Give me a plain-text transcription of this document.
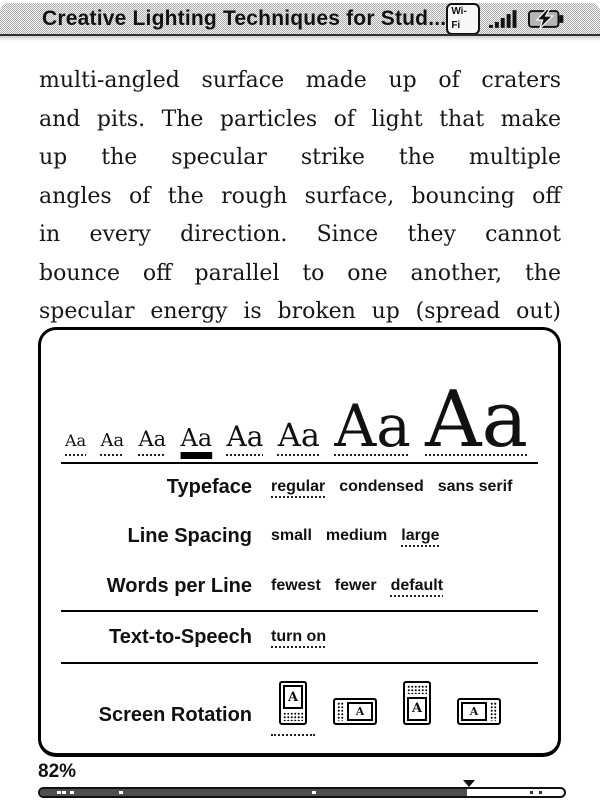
Creative Lighting Techniques for Stud... Wi-Fi
multi-angled surface made up of craters
and pits. The particles of light that make
up the specular strike the multiple
angles of the rough surface, bouncing off
in every direction. Since they cannot
bounce off parallel to one another, the
specular energy is broken up (spread out)
Aa Aa Aa Aa Aa Aa Aa Aa
Typeface regular condensed sans serif
Line Spacing small medium large
Words per Line fewest fewer default
Text-to-Speech turn on
Screen Rotation
A
A	A	A
82%
